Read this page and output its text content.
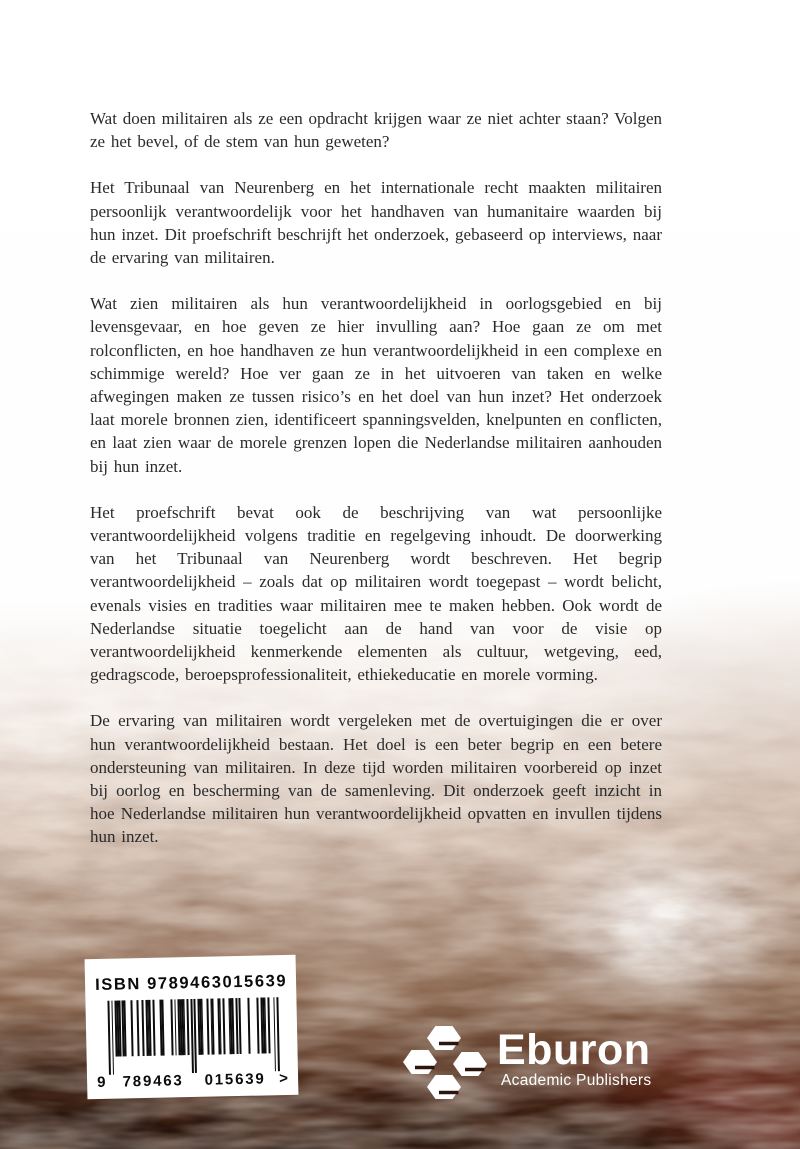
Wat doen militairen als ze een opdracht krijgen waar ze niet achter staan? Volgen ze het bevel, of de stem van hun geweten?

Het Tribunaal van Neurenberg en het internationale recht maakten militairen persoonlijk verantwoordelijk voor het handhaven van humanitaire waarden bij hun inzet. Dit proefschrift beschrijft het onderzoek, gebaseerd op interviews, naar de ervaring van militairen.

Wat zien militairen als hun verantwoordelijkheid in oorlogsgebied en bij levensgevaar, en hoe geven ze hier invulling aan? Hoe gaan ze om met rolconflicten, en hoe handhaven ze hun verantwoordelijkheid in een complexe en schimmige wereld? Hoe ver gaan ze in het uitvoeren van taken en welke afwegingen maken ze tussen risico’s en het doel van hun inzet? Het onderzoek laat morele bronnen zien, identificeert spanningsvelden, knelpunten en conflicten, en laat zien waar de morele grenzen lopen die Nederlandse militairen aanhouden bij hun inzet.

Het proefschrift bevat ook de beschrijving van wat persoonlijke verantwoordelijkheid volgens traditie en regelgeving inhoudt. De doorwerking van het Tribunaal van Neurenberg wordt beschreven. Het begrip verantwoordelijkheid – zoals dat op militairen wordt toegepast – wordt belicht, evenals visies en tradities waar militairen mee te maken hebben. Ook wordt de Nederlandse situatie toegelicht aan de hand van voor de visie op verantwoordelijkheid kenmerkende elementen als cultuur, wetgeving, eed, gedragscode, beroepsprofessionaliteit, ethiekeducatie en morele vorming.

De ervaring van militairen wordt vergeleken met de overtuigingen die er over hun verantwoordelijkheid bestaan. Het doel is een beter begrip en een betere ondersteuning van militairen. In deze tijd worden militairen voorbereid op inzet bij oorlog en bescherming van de samenleving. Dit onderzoek geeft inzicht in hoe Nederlandse militairen hun verantwoordelijkheid opvatten en invullen tijdens hun inzet.

ISBN 9789463015639
9	789463	015639 >
Eburon
Academic Publishers
